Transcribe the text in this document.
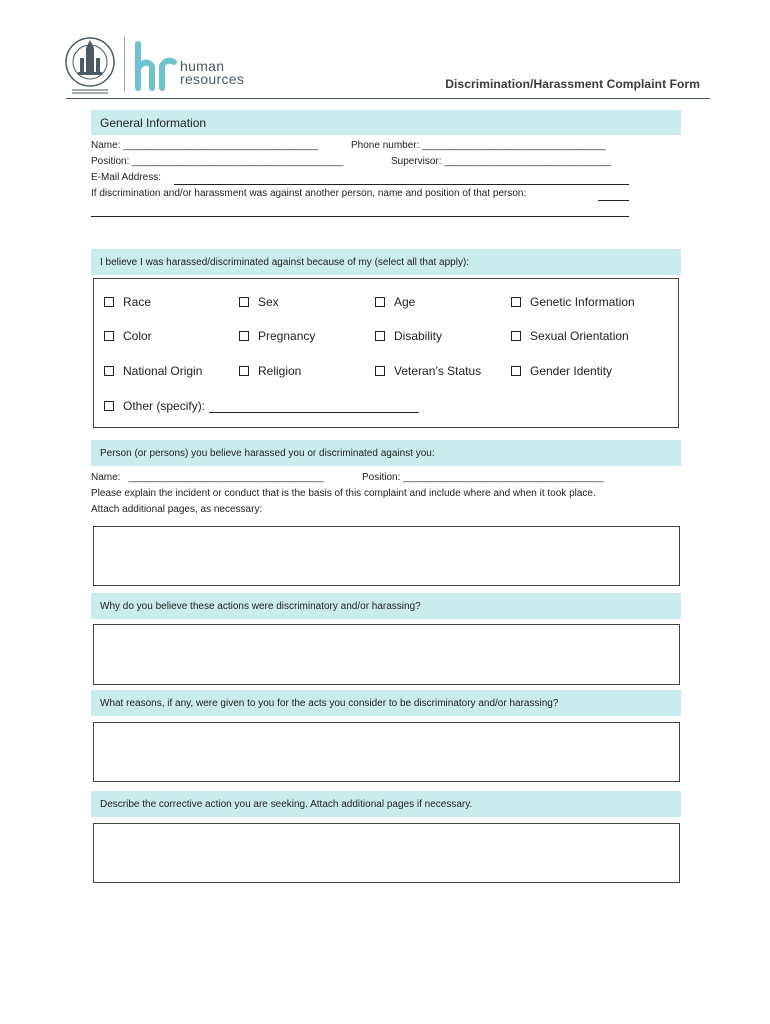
human
resources	Discrimination/Harassment Complaint Form
General Information
Name: ___________________________________	Phone number: _________________________________
Position: ______________________________________	Supervisor: ______________________________
E-Mail Address:
If discrimination and/or harassment was against another person, name and position of that person:
I believe I was harassed/discriminated against because of my (select all that apply):
Race	Sex	Age	Genetic Information
Color	Pregnancy	Disability	Sexual Orientation
National Origin	Religion	Veteran’s Status	Gender Identity
Other (specify):
Person (or persons) you believe harassed you or discriminated against you:
Name:   ___________________________________	Position: ____________________________________
Please explain the incident or conduct that is the basis of this complaint and include where and when it took place.
Attach additional pages, as necessary:
Why do you believe these actions were discriminatory and/or harassing?
What reasons, if any, were given to you for the acts you consider to be discriminatory and/or harassing?
Describe the corrective action you are seeking. Attach additional pages if necessary.
